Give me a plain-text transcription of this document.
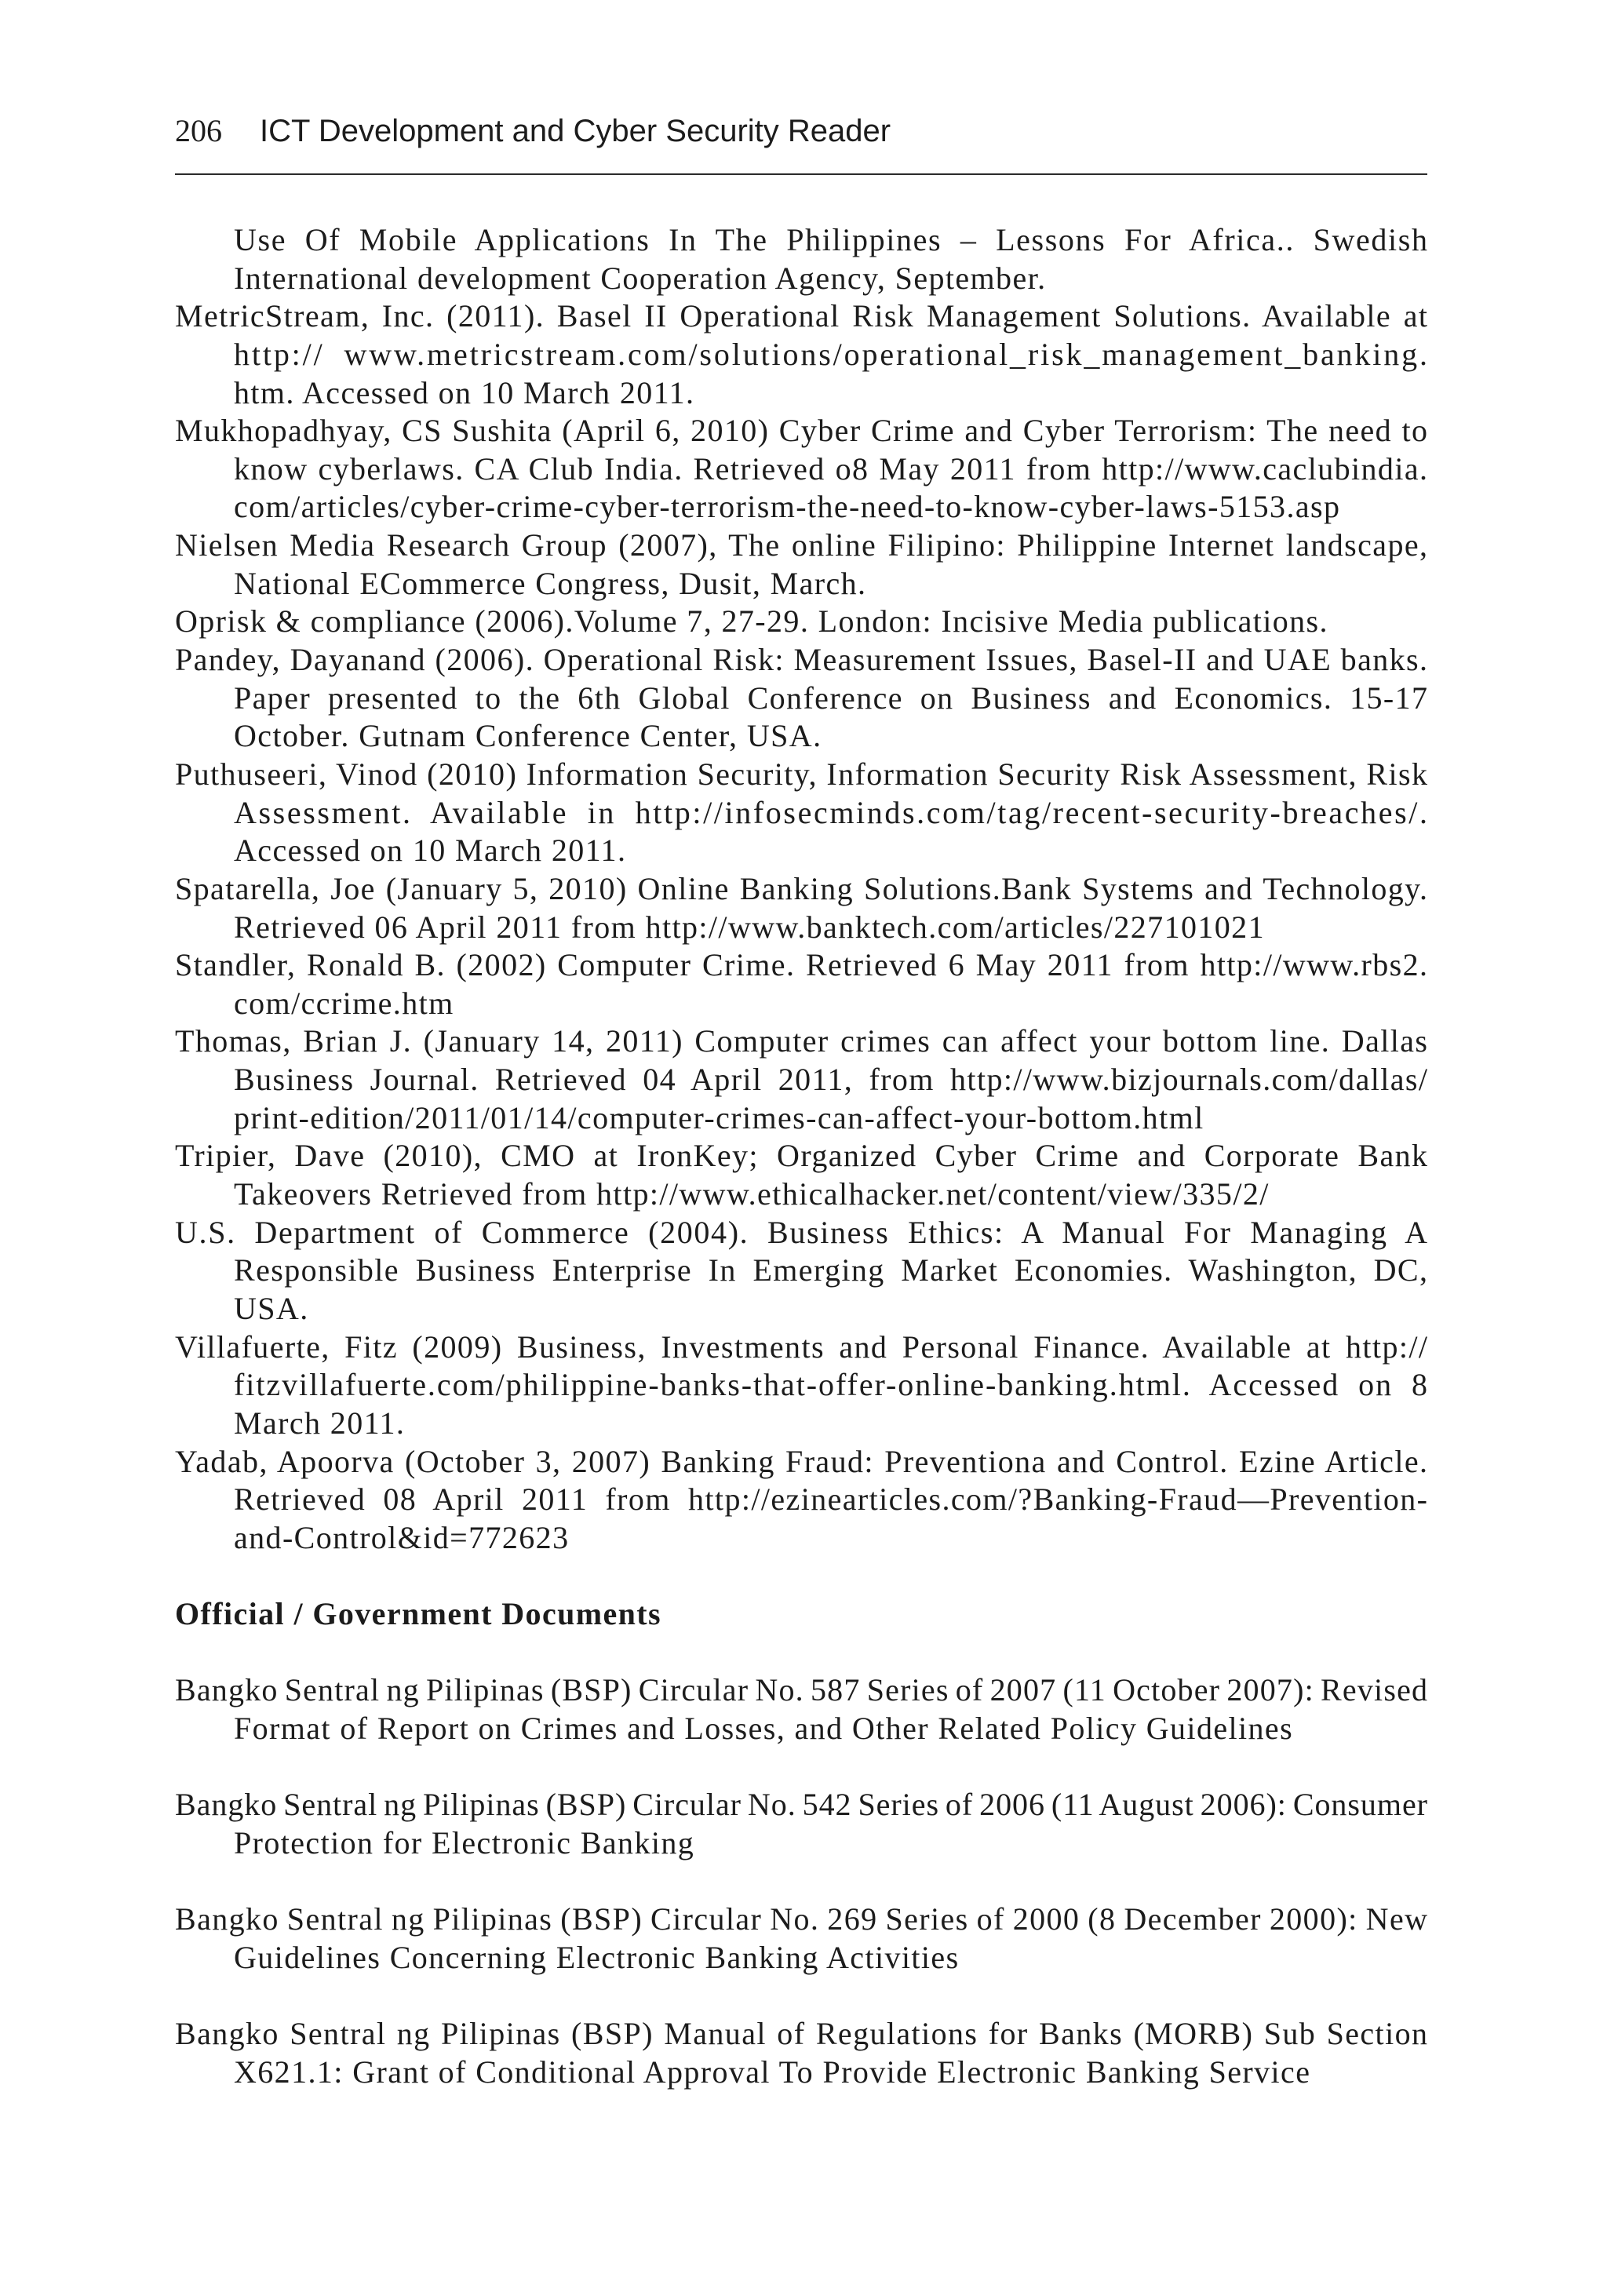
206 ICT Development and Cyber Security Reader
Use Of Mobile Applications In The Philippines – Lessons For Africa.. Swedish
International development Cooperation Agency, September.
MetricStream, Inc. (2011). Basel II Operational Risk Management Solutions. Available at
http:// www.metricstream.com/solutions/operational_risk_management_banking.
htm. Accessed on 10 March 2011.
Mukhopadhyay, CS Sushita (April 6, 2010) Cyber Crime and Cyber Terrorism: The need to
know cyberlaws. CA Club India. Retrieved o8 May 2011 from http://www.caclubindia.
com/articles/cyber-crime-cyber-terrorism-the-need-to-know-cyber-laws-5153.asp
Nielsen Media Research Group (2007), The online Filipino: Philippine Internet landscape,
National ECommerce Congress, Dusit, March.
Oprisk & compliance (2006).Volume 7, 27-29. London: Incisive Media publications.
Pandey, Dayanand (2006). Operational Risk: Measurement Issues, Basel-II and UAE banks.
Paper presented to the 6th Global Conference on Business and Economics. 15-17
October. Gutnam Conference Center, USA.
Puthuseeri, Vinod (2010) Information Security, Information Security Risk Assessment, Risk
Assessment. Available in http://infosecminds.com/tag/recent-security-breaches/.
Accessed on 10 March 2011.
Spatarella, Joe (January 5, 2010) Online Banking Solutions.Bank Systems and Technology.
Retrieved 06 April 2011 from http://www.banktech.com/articles/227101021
Standler, Ronald B. (2002) Computer Crime. Retrieved 6 May 2011 from http://www.rbs2.
com/ccrime.htm
Thomas, Brian J. (January 14, 2011) Computer crimes can affect your bottom line. Dallas
Business Journal. Retrieved 04 April 2011, from http://www.bizjournals.com/dallas/
print-edition/2011/01/14/computer-crimes-can-affect-your-bottom.html
Tripier, Dave (2010), CMO at IronKey; Organized Cyber Crime and Corporate Bank
Takeovers Retrieved from http://www.ethicalhacker.net/content/view/335/2/
U.S. Department of Commerce (2004). Business Ethics: A Manual For Managing A
Responsible Business Enterprise In Emerging Market Economies. Washington, DC,
USA.
Villafuerte, Fitz (2009) Business, Investments and Personal Finance. Available at http://
fitzvillafuerte.com/philippine-banks-that-offer-online-banking.html. Accessed on 8
March 2011.
Yadab, Apoorva (October 3, 2007) Banking Fraud: Preventiona and Control. Ezine Article.
Retrieved 08 April 2011 from http://ezinearticles.com/?Banking-Fraud—Prevention-
and-Control&id=772623
Official / Government Documents
Bangko Sentral ng Pilipinas (BSP) Circular No. 587 Series of 2007 (11 October 2007): Revised
Format of Report on Crimes and Losses, and Other Related Policy Guidelines
Bangko Sentral ng Pilipinas (BSP) Circular No. 542 Series of 2006 (11 August 2006): Consumer
Protection for Electronic Banking
Bangko Sentral ng Pilipinas (BSP) Circular No. 269 Series of 2000 (8 December 2000): New
Guidelines Concerning Electronic Banking Activities
Bangko Sentral ng Pilipinas (BSP) Manual of Regulations for Banks (MORB) Sub Section
X621.1: Grant of Conditional Approval To Provide Electronic Banking Service
